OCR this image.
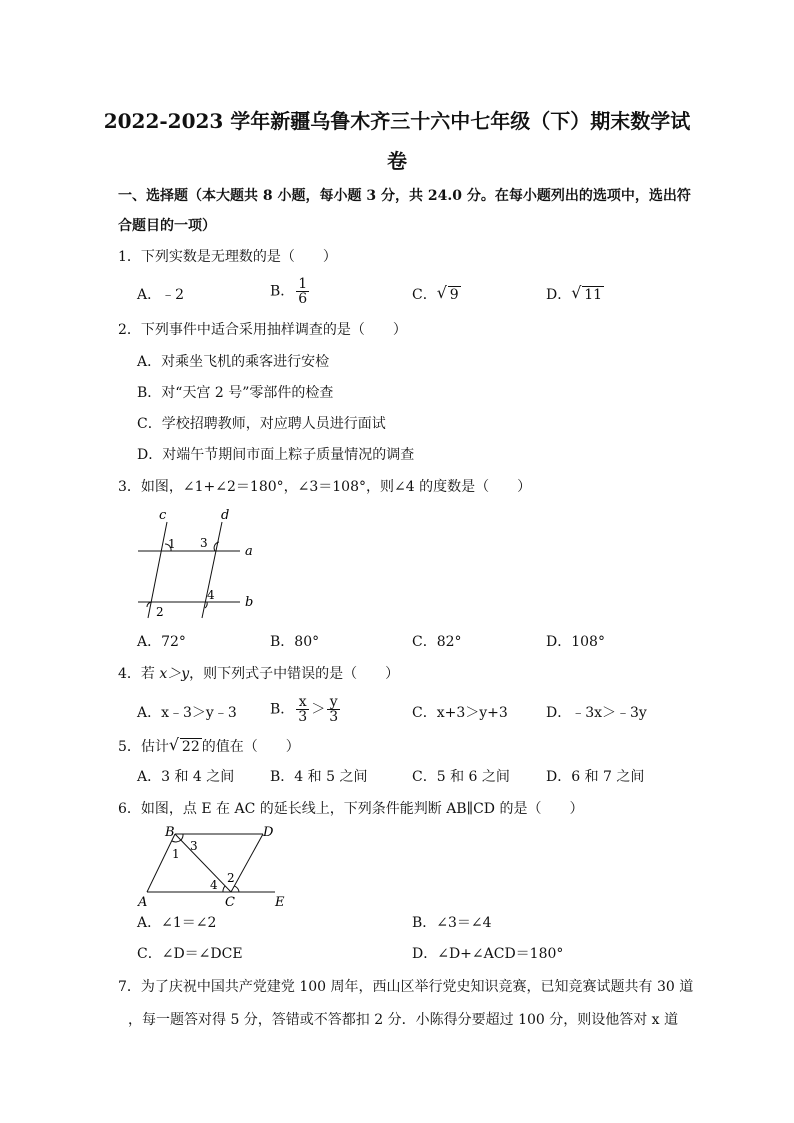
2022-2023 学年新疆乌鲁木齐三十六中七年级（下）期末数学试
卷
一、选择题（本大题共 8 小题，每小题 3 分，共 24.0 分。在每小题列出的选项中，选出符
合题目的一项）
1．下列实数是无理数的是（　　）
A．﹣2	B． $\frac{1}{6}$	C． √ 9	D． √ 11
2．下列事件中适合采用抽样调查的是（　　）
A．对乘坐飞机的乘客进行安检
B．对“天宫 2 号”零部件的检查
C．学校招聘教师，对应聘人员进行面试
D．对端午节期间市面上粽子质量情况的调查
3．如图，∠1+∠2＝180°，∠3＝108°，则∠4 的度数是（　　）
c	d
a
b
1
2
3
4
A．72°	B．80°	C．82°	D．108°
4．若 x＞y，则下列式子中错误的是（　　）
A．x﹣3＞y﹣3 B． $\frac{x}{3} > \frac{y}{3}$	C．x+3＞y+3	D．﹣3x＞﹣3y
5．估计 √ 22 的值在（　　）
A．3 和 4 之间	B．4 和 5 之间	C．5 和 6 之间	D．6 和 7 之间
6．如图，点 E 在 AC 的延长线上，下列条件能判断 AB∥CD 的是（　　）
B	D
A	C	E
1
2
3
4
A．∠1＝∠2	B．∠3＝∠4
C．∠D＝∠DCE	D．∠D+∠ACD＝180°
7．为了庆祝中国共产党建党 100 周年，西山区举行党史知识竞赛，已知竞赛试题共有 30 道
，每一题答对得 5 分，答错或不答都扣 2 分．小陈得分要超过 100 分，则设他答对 x 道
